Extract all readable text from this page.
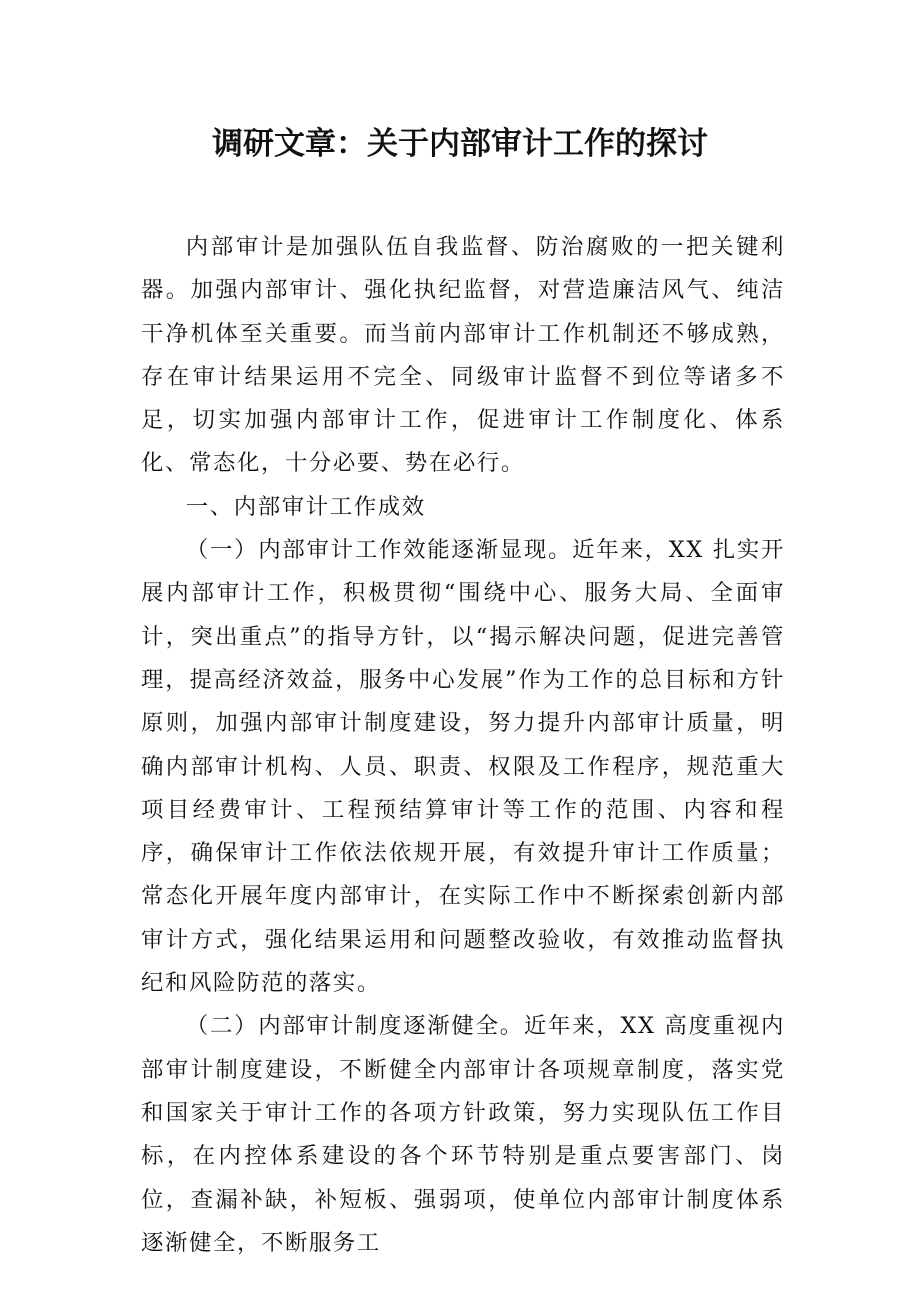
调研文章：关于内部审计工作的探讨

内部审计是加强队伍自我监督、防治腐败的一把关键利器。加强内部审计、强化执纪监督，对营造廉洁风气、纯洁干净机体至关重要。而当前内部审计工作机制还不够成熟，存在审计结果运用不完全、同级审计监督不到位等诸多不足，切实加强内部审计工作，促进审计工作制度化、体系化、常态化，十分必要、势在必行。

一、内部审计工作成效

（一）内部审计工作效能逐渐显现。近年来，XX 扎实开展内部审计工作，积极贯彻“围绕中心、服务大局、全面审计，突出重点”的指导方针，以“揭示解决问题，促进完善管理，提高经济效益，服务中心发展”作为工作的总目标和方针原则，加强内部审计制度建设，努力提升内部审计质量，明确内部审计机构、人员、职责、权限及工作程序，规范重大项目经费审计、工程预结算审计等工作的范围、内容和程序，确保审计工作依法依规开展，有效提升审计工作质量；常态化开展年度内部审计，在实际工作中不断探索创新内部审计方式，强化结果运用和问题整改验收，有效推动监督执纪和风险防范的落实。

（二）内部审计制度逐渐健全。近年来，XX 高度重视内部审计制度建设，不断健全内部审计各项规章制度，落实党和国家关于审计工作的各项方针政策，努力实现队伍工作目标，在内控体系建设的各个环节特别是重点要害部门、岗位，查漏补缺，补短板、强弱项，使单位内部审计制度体系逐渐健全，不断服务工
